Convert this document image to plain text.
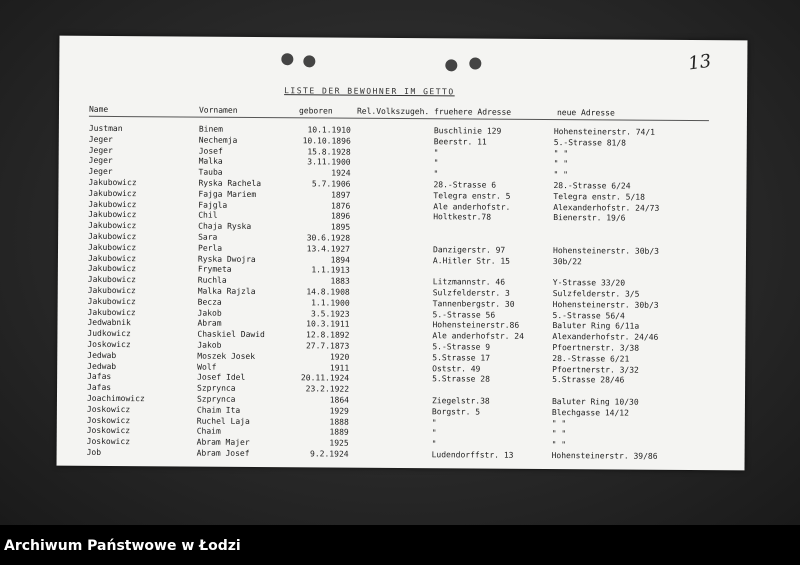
13
LISTE DER BEWOHNER IM GETTO
Name	Vornamen	geboren	Rel.Volkszugeh. fruehere Adresse	neue Adresse
Justman	Binem	10.1.1910	Buschlinie 129	Hohensteinerstr. 74/1
Jeger	Nechemja	10.10.1896	Beerstr. 11	5.-Strasse 81/8
Jeger	Josef	15.8.1928	"	" "
Jeger	Malka	3.11.1900	"	" "
Jeger	Tauba	1924	"	" "
Jakubowicz	Ryska Rachela	5.7.1906	28.-Strasse 6	28.-Strasse 6/24
Jakubowicz	Fajga Mariem	1897	Telegra enstr. 5	Telegra enstr. 5/18
Jakubowicz	Fajgla	1876	Ale anderhofstr.	Alexanderhofstr. 24/73
Jakubowicz	Chil	1896	Holtkestr.78	Bienerstr. 19/6
Jakubowicz	Chaja Ryska	1895
Jakubowicz	Sara	30.6.1928
Jakubowicz	Perla	13.4.1927	Danzigerstr. 97	Hohensteinerstr. 30b/3
Jakubowicz	Ryska Dwojra	1894	A.Hitler Str. 15	30b/22
Jakubowicz	Frymeta	1.1.1913
Jakubowicz	Ruchla	1883	Litzmannstr. 46	Y-Strasse 33/20
Jakubowicz	Malka Rajzla	14.8.1908	Sulzfelderstr. 3	Sulzfelderstr. 3/5
Jakubowicz	Becza	1.1.1900	Tannenbergstr. 30	Hohensteinerstr. 30b/3
Jakubowicz	Jakob	3.5.1923	5.-Strasse 56	5.-Strasse 56/4
Jedwabnik	Abram	10.3.1911	Hohensteinerstr.86	Baluter Ring 6/11a
Judkowicz	Chaskiel Dawid	12.8.1892	Ale anderhofstr. 24	Alexanderhofstr. 24/46
Joskowicz	Jakob	27.7.1873	5.-Strasse 9	Pfoertnerstr. 3/38
Jedwab	Moszek Josek	1920	5.Strasse 17	28.-Strasse 6/21
Jedwab	Wolf	1911	Oststr. 49	Pfoertnerstr. 3/32
Jafas	Josef Idel	20.11.1924	5.Strasse 28	5.Strasse 28/46
Jafas	Szprynca	23.2.1922
Joachimowicz	Szprynca	1864	Ziegelstr.38	Baluter Ring 10/30
Joskowicz	Chaim Ita	1929	Borgstr. 5	Blechgasse 14/12
Joskowicz	Ruchel Laja	1888	"	" "
Joskowicz	Chaim	1889	"	" "
Joskowicz	Abram Majer	1925	"	" "
Job	Abram Josef	9.2.1924	Ludendorffstr. 13	Hohensteinerstr. 39/86
Archiwum Państwowe w Łodzi
